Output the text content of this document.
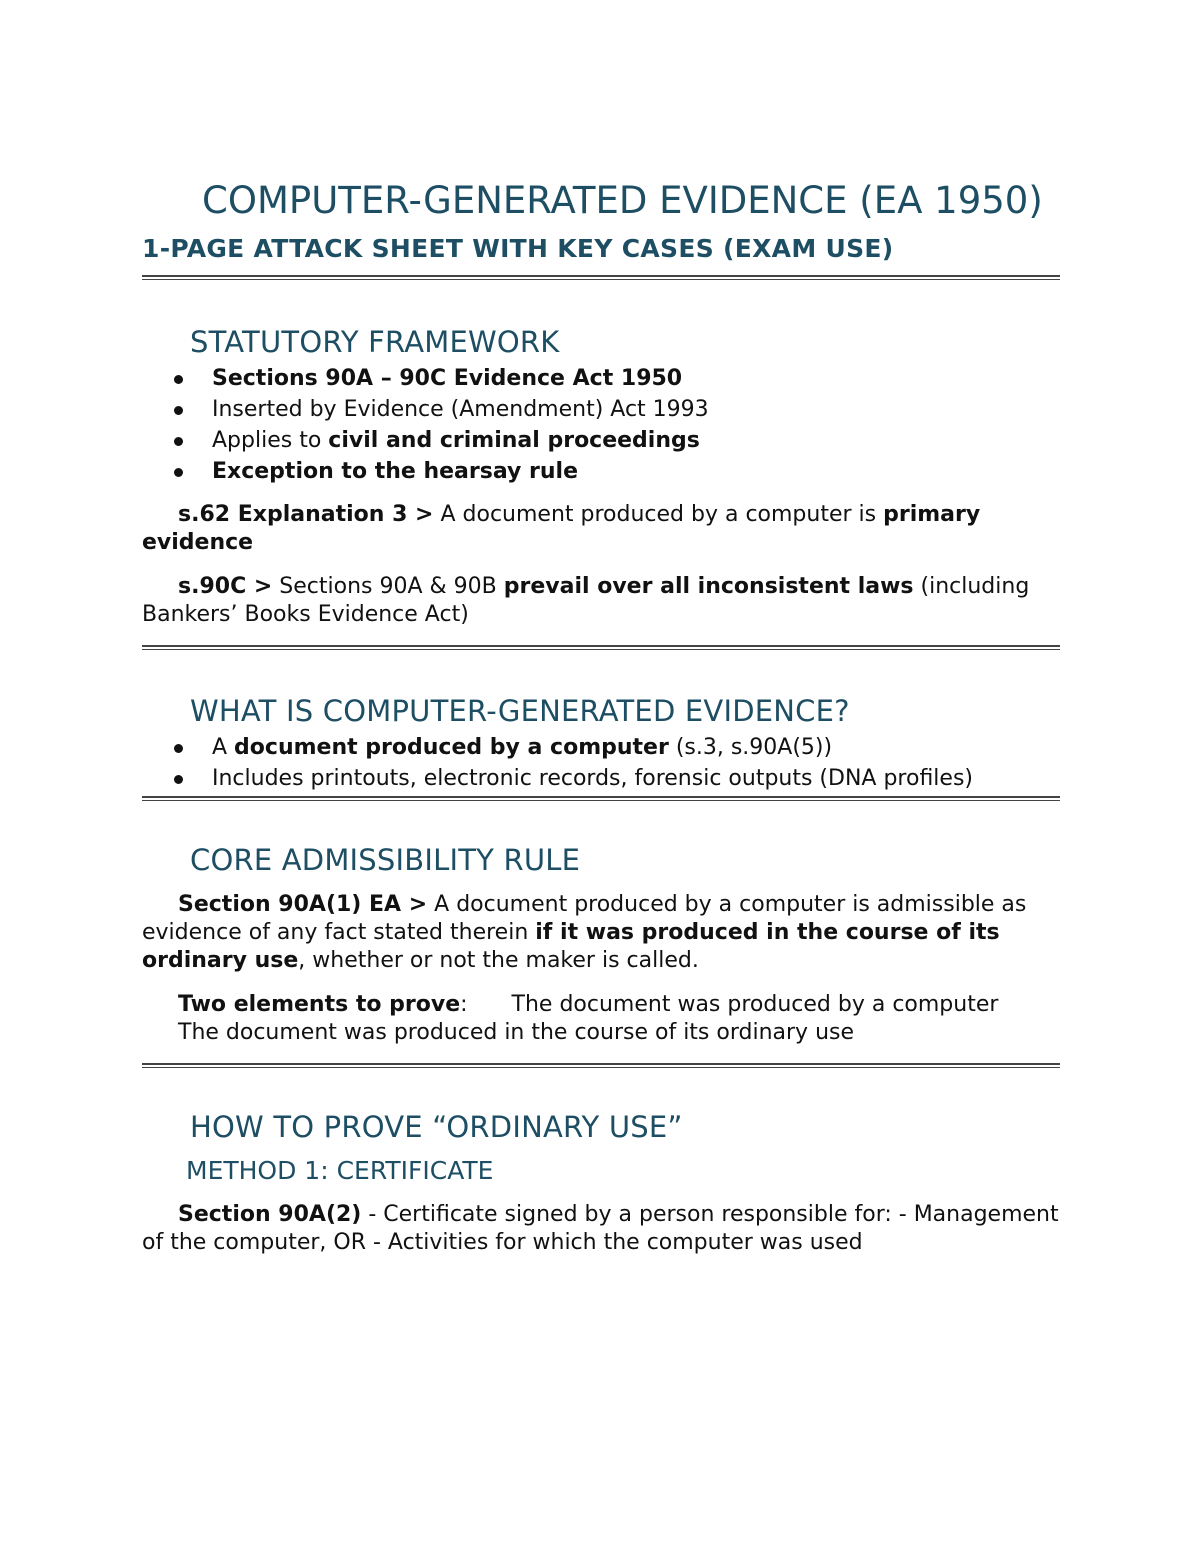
COMPUTER-GENERATED EVIDENCE (EA 1950)
1-PAGE ATTACK SHEET WITH KEY CASES (EXAM USE)
STATUTORY FRAMEWORK
Sections 90A – 90C Evidence Act 1950
Inserted by Evidence (Amendment) Act 1993
Applies to civil and criminal proceedings
Exception to the hearsay rule

s.62 Explanation 3 > A document produced by a computer is primary evidence

s.90C > Sections 90A & 90B prevail over all inconsistent laws (including Bankers’ Books Evidence Act)

WHAT IS COMPUTER-GENERATED EVIDENCE?
A document produced by a computer (s.3, s.90A(5))
Includes printouts, electronic records, forensic outputs (DNA profiles)
CORE ADMISSIBILITY RULE

Section 90A(1) EA > A document produced by a computer is admissible as evidence of any fact stated therein if it was produced in the course of its ordinary use, whether or not the maker is called.

Two elements to prove: The document was produced by a computer
The document was produced in the course of its ordinary use

HOW TO PROVE “ORDINARY USE”
METHOD 1: CERTIFICATE

Section 90A(2) - Certificate signed by a person responsible for: - Management of the computer, OR - Activities for which the computer was used
